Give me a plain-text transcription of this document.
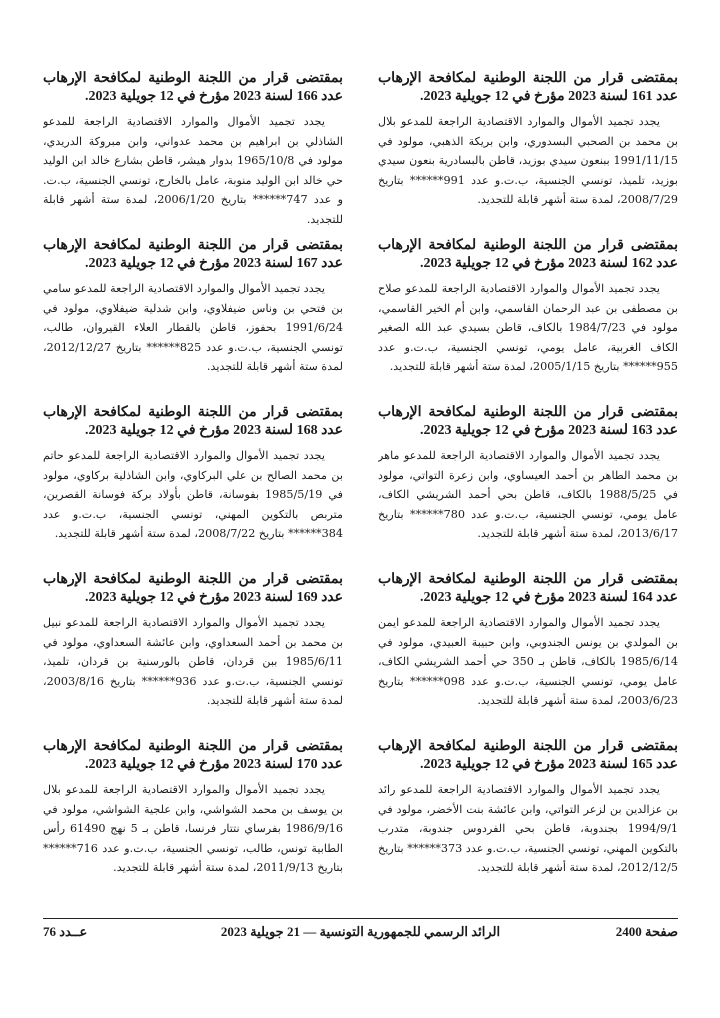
بمقتضى قرار من اللجنة الوطنية لمكافحة الإرهاب عدد 161 لسنة 2023 مؤرخ في 12 جويلية 2023.

يجدد تجميد الأموال والموارد الاقتصادية الراجعة للمدعو بلال بن محمد بن الصحبي البسدوري، وابن بريكة الذهبي، مولود في 1991/11/15 ببنعون سيدي بوزيد، قاطن بالبسادرية بنعون سيدي بوزيد، تلميذ، تونسي الجنسية، ب.ت.و عدد 991****** بتاريخ 2008/7/29، لمدة ستة أشهر قابلة للتجديد.

بمقتضى قرار من اللجنة الوطنية لمكافحة الإرهاب عدد 162 لسنة 2023 مؤرخ في 12 جويلية 2023.

يجدد تجميد الأموال والموارد الاقتصادية الراجعة للمدعو صلاح بن مصطفى بن عبد الرحمان القاسمي، وابن أم الخير القاسمي، مولود في 1984/7/23 بالكاف، قاطن بسيدي عبد الله الصغير الكاف الغربية، عامل يومي، تونسي الجنسية، ب.ت.و عدد 955****** بتاريخ 2005/1/15، لمدة ستة أشهر قابلة للتجديد.

بمقتضى قرار من اللجنة الوطنية لمكافحة الإرهاب عدد 163 لسنة 2023 مؤرخ في 12 جويلية 2023.

يجدد تجميد الأموال والموارد الاقتصادية الراجعة للمدعو ماهر بن محمد الطاهر بن أحمد العيساوي، وابن زعرة التواتي، مولود في 1988/5/25 بالكاف، قاطن بحي أحمد الشريشي الكاف، عامل يومي، تونسي الجنسية، ب.ت.و عدد 780****** بتاريخ 2013/6/17، لمدة ستة أشهر قابلة للتجديد.

بمقتضى قرار من اللجنة الوطنية لمكافحة الإرهاب عدد 164 لسنة 2023 مؤرخ في 12 جويلية 2023.

يجدد تجميد الأموال والموارد الاقتصادية الراجعة للمدعو ايمن بن المولدي بن يونس الجندوبي، وابن حبيبة العبيدي، مولود في 1985/6/14 بالكاف، قاطن بـ 350 حي أحمد الشريشي الكاف، عامل يومي، تونسي الجنسية، ب.ت.و عدد 098****** بتاريخ 2003/6/23، لمدة ستة أشهر قابلة للتجديد.

بمقتضى قرار من اللجنة الوطنية لمكافحة الإرهاب عدد 165 لسنة 2023 مؤرخ في 12 جويلية 2023.

يجدد تجميد الأموال والموارد الاقتصادية الراجعة للمدعو رائد بن عزالدين بن لزعر التواتي، وابن عائشة بنت الأخضر، مولود في 1994/9/1 بجندوبة، قاطن بحي الفردوس جندوبة، متدرب بالتكوين المهني، تونسي الجنسية، ب.ت.و عدد 373****** بتاريخ 2012/12/5، لمدة ستة أشهر قابلة للتجديد.

بمقتضى قرار من اللجنة الوطنية لمكافحة الإرهاب عدد 166 لسنة 2023 مؤرخ في 12 جويلية 2023.

يجدد تجميد الأموال والموارد الاقتصادية الراجعة للمدعو الشاذلي بن ابراهيم بن محمد عدواني، وابن مبروكة الدريدي، مولود في 1965/10/8 بدوار هيشر، قاطن بشارع خالد ابن الوليد حي خالد ابن الوليد منوبة، عامل بالخارج، تونسي الجنسية، ب.ت. و عدد 747****** بتاريخ 2006/1/20، لمدة ستة أشهر قابلة للتجديد.

بمقتضى قرار من اللجنة الوطنية لمكافحة الإرهاب عدد 167 لسنة 2023 مؤرخ في 12 جويلية 2023.

يجدد تجميد الأموال والموارد الاقتصادية الراجعة للمدعو سامي بن فتحي بن وناس ضيفلاوي، وابن شدلية ضيفلاوي، مولود في 1991/6/24 بحفوز، قاطن بالقطار العلاء القيروان، طالب، تونسي الجنسية، ب.ت.و عدد 825****** بتاريخ 2012/12/27، لمدة ستة أشهر قابلة للتجديد.

بمقتضى قرار من اللجنة الوطنية لمكافحة الإرهاب عدد 168 لسنة 2023 مؤرخ في 12 جويلية 2023.

يجدد تجميد الأموال والموارد الاقتصادية الراجعة للمدعو حاتم بن محمد الصالح بن علي البركاوي، وابن الشاذلية بركاوي، مولود في 1985/5/19 بفوسانة، قاطن بأولاد بركة فوسانة القصرين، متربص بالتكوين المهني، تونسي الجنسية، ب.ت.و عدد 384****** بتاريخ 2008/7/22، لمدة ستة أشهر قابلة للتجديد.

بمقتضى قرار من اللجنة الوطنية لمكافحة الإرهاب عدد 169 لسنة 2023 مؤرخ في 12 جويلية 2023.

يجدد تجميد الأموال والموارد الاقتصادية الراجعة للمدعو نبيل بن محمد بن أحمد السعداوي، وابن عائشة السعداوي، مولود في 1985/6/11 ببن قردان، قاطن بالورسنية بن قردان، تلميذ، تونسي الجنسية، ب.ت.و عدد 936****** بتاريخ 2003/8/16، لمدة ستة أشهر قابلة للتجديد.

بمقتضى قرار من اللجنة الوطنية لمكافحة الإرهاب عدد 170 لسنة 2023 مؤرخ في 12 جويلية 2023.

يجدد تجميد الأموال والموارد الاقتصادية الراجعة للمدعو بلال بن يوسف بن محمد الشواشي، وابن علجية الشواشي، مولود في 1986/9/16 بفرساي نتتار فرنسا، قاطن بـ 5 نهج 61490 رأس الطابية تونس، طالب، تونسي الجنسية، ب.ت.و عدد 716****** بتاريخ 2011/9/13، لمدة ستة أشهر قابلة للتجديد.

صفحة 2400
الرائد الرسمي للجمهورية التونسية — 21 جويلية 2023
عــدد 76
